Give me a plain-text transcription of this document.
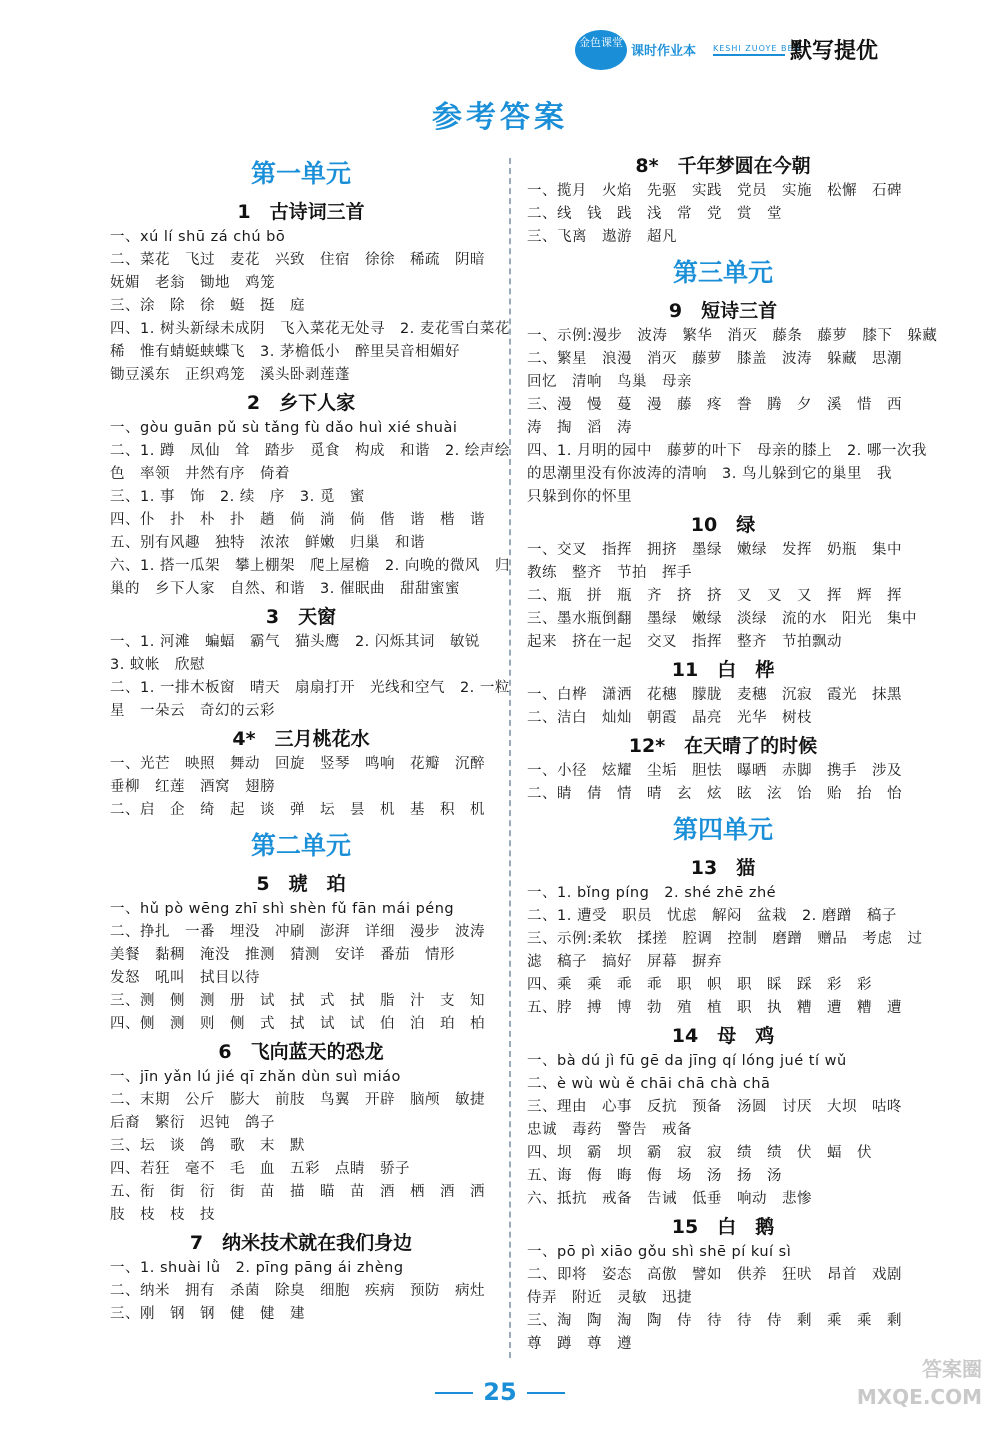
金色课堂
课时作业本 KESHI ZUOYE BEN
默写提优
参考答案
第一单元
1　古诗词三首
一、xú lí shū zá chú bō
二、菜花　飞过　麦花　兴致　住宿　徐徐　稀疏　阴暗
妩媚　老翁　锄地　鸡笼
三、涂　除　徐　蜓　挺　庭
四、1. 树头新绿未成阴　飞入菜花无处寻　2. 麦花雪白菜花
稀　惟有蜻蜓蛱蝶飞　3. 茅檐低小　醉里吴音相媚好
锄豆溪东　正织鸡笼　溪头卧剥莲蓬
2　乡下人家
一、gòu guān pǔ sù tǎng fù dǎo huì xié shuài
二、1. 蹲　凤仙　耸　踏步　觅食　构成　和谐　2. 绘声绘
色　率领　井然有序　倚着
三、1. 事　饰　2. 续　序　3. 觅　蜜
四、仆　扑　朴　扑　趟　倘　淌　倘　偕　谐　楷　谐
五、别有风趣　独特　浓浓　鲜嫩　归巢　和谐
六、1. 搭一瓜架　攀上棚架　爬上屋檐　2. 向晚的微风　归
巢的　乡下人家　自然、和谐　3. 催眠曲　甜甜蜜蜜
3　天窗
一、1. 河滩　蝙蝠　霸气　猫头鹰　2. 闪烁其词　敏锐
3. 蚊帐　欣慰
二、1. 一排木板窗　晴天　扇扇打开　光线和空气　2. 一粒
星　一朵云　奇幻的云彩
4*　三月桃花水
一、光芒　映照　舞动　回旋　竖琴　鸣响　花瓣　沉醉
垂柳　红莲　酒窝　翅膀
二、启　企　绮　起　谈　弹　坛　昙　机　基　积　机
第二单元
5　琥　珀
一、hǔ pò wēng zhī shì shèn fǔ fān mái péng
二、挣扎　一番　埋没　冲刷　澎湃　详细　漫步　波涛
美餐　黏稠　淹没　推测　猜测　安详　番茄　情形
发怒　吼叫　拭目以待
三、测　侧　测　册　试　拭　式　拭　脂　汁　支　知
四、侧　测　则　侧　式　拭　试　试　伯　泊　珀　柏
6　飞向蓝天的恐龙
一、jīn yǎn lú jié qī zhǎn dùn suì miáo
二、末期　公斤　膨大　前肢　鸟翼　开辟　脑颅　敏捷
后裔　繁衍　迟钝　鸽子
三、坛　谈　鸽　歌　末　默
四、若狂　毫不　毛　血　五彩　点睛　骄子
五、衔　街　衍　街　苗　描　瞄　苗　酒　栖　酒　洒
肢　枝　枝　技
7　纳米技术就在我们身边
一、1. shuài lǜ　2. pīng pāng ái zhèng
二、纳米　拥有　杀菌　除臭　细胞　疾病　预防　病灶
三、刚　钢　钢　健　健　建
8*　千年梦圆在今朝
一、揽月　火焰　先驱　实践　党员　实施　松懈　石碑
二、线　钱　践　浅　常　党　赏　堂
三、飞离　遨游　超凡
第三单元
9　短诗三首
一、示例:漫步　波涛　繁华　消灭　藤条　藤萝　膝下　躲藏
二、繁星　浪漫　消灭　藤萝　膝盖　波涛　躲藏　思潮
回忆　清响　鸟巢　母亲
三、漫　慢　蔓　漫　藤　疼　誊　腾　夕　溪　惜　西
涛　掏　滔　涛
四、1. 月明的园中　藤萝的叶下　母亲的膝上　2. 哪一次我
的思潮里没有你波涛的清响　3. 鸟儿躲到它的巢里　我
只躲到你的怀里
10　绿
一、交叉　指挥　拥挤　墨绿　嫩绿　发挥　奶瓶　集中
教练　整齐　节拍　挥手
二、瓶　拼　瓶　齐　挤　挤　叉　叉　又　挥　辉　挥
三、墨水瓶倒翻　墨绿　嫩绿　淡绿　流的水　阳光　集中
起来　挤在一起　交叉　指挥　整齐　节拍飘动
11　白　桦
一、白桦　潇洒　花穗　朦胧　麦穗　沉寂　霞光　抹黑
二、洁白　灿灿　朝霞　晶亮　光华　树枝
12*　在天晴了的时候
一、小径　炫耀　尘垢　胆怯　曝晒　赤脚　携手　涉及
二、睛　倩　情　晴　玄　炫　眩　泫　饴　贻　抬　怡
第四单元
13　猫
一、1. bǐng píng　2. shé zhē zhé
二、1. 遭受　职员　忧虑　解闷　盆栽　2. 磨蹭　稿子
三、示例:柔软　揉搓　腔调　控制　磨蹭　赠品　考虑　过
滤　稿子　搞好　屏幕　摒弃
四、乘　乘　乖　乖　职　帜　职　睬　踩　彩　彩
五、脖　搏　博　勃　殖　植　职　执　糟　遭　糟　遭
14　母　鸡
一、bà dú jì fū gē da jīng qí lóng jué tí wǔ
二、è wù wù ě chāi chā chà chā
三、理由　心事　反抗　预备　汤圆　讨厌　大坝　咕咚
忠诚　毒药　警告　戒备
四、坝　霸　坝　霸　寂　寂　绩　绩　伏　蝠　伏
五、诲　侮　晦　侮　场　汤　扬　汤
六、抵抗　戒备　告诫　低垂　响动　悲惨
15　白　鹅
一、pō pì xiāo gǒu shì shē pí kuí sì
二、即将　姿态　高傲　譬如　供养　狂吠　昂首　戏剧
侍弄　附近　灵敏　迅捷
三、淘　陶　淘　陶　侍　待　待　侍　剩　乘　乘　剩
尊　蹲　尊　遵
25
答案圈
MXQE.COM
